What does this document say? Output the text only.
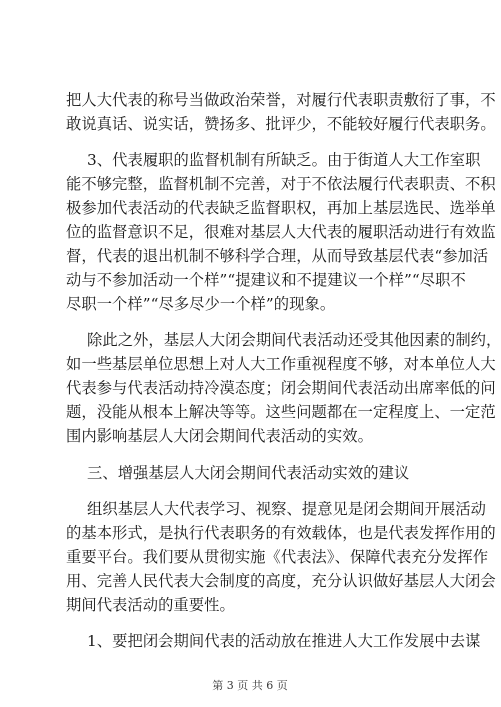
把人大代表的称号当做政治荣誉，对履行代表职责敷衍了事，不
敢说真话、说实话，赞扬多、批评少，不能较好履行代表职务。
3、代表履职的监督机制有所缺乏。由于街道人大工作室职
能不够完整，监督机制不完善，对于不依法履行代表职责、不积
极参加代表活动的代表缺乏监督职权，再加上基层选民、选举单
位的监督意识不足，很难对基层人大代表的履职活动进行有效监
督，代表的退出机制不够科学合理，从而导致基层代表“参加活
动与不参加活动一个样”“提建议和不提建议一个样”“尽职不
尽职一个样”“尽多尽少一个样”的现象。
除此之外，基层人大闭会期间代表活动还受其他因素的制约，
如一些基层单位思想上对人大工作重视程度不够，对本单位人大
代表参与代表活动持冷漠态度；闭会期间代表活动出席率低的问
题，没能从根本上解决等等。这些问题都在一定程度上、一定范
围内影响基层人大闭会期间代表活动的实效。
三、增强基层人大闭会期间代表活动实效的建议
组织基层人大代表学习、视察、提意见是闭会期间开展活动
的基本形式，是执行代表职务的有效载体，也是代表发挥作用的
重要平台。我们要从贯彻实施《代表法》、保障代表充分发挥作
用、完善人民代表大会制度的高度，充分认识做好基层人大闭会
期间代表活动的重要性。
1、要把闭会期间代表的活动放在推进人大工作发展中去谋
第 3 页 共 6 页
